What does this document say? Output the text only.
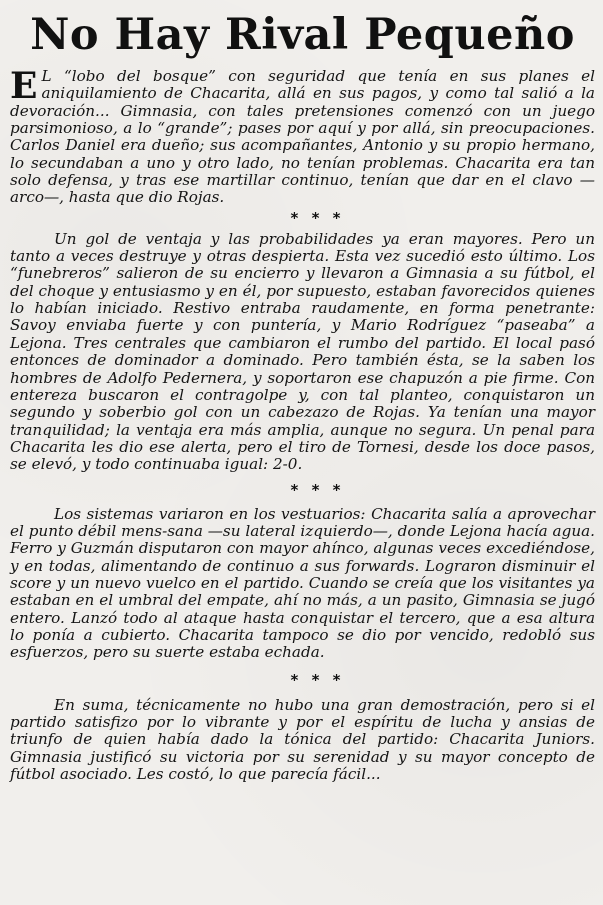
No Hay Rival Pequeño

E L “lobo del bosque” con seguridad que tenía en sus planes el aniquilamiento de Chacarita, allá en sus pagos, y como tal salió a la devoración... Gimnasia, con tales pretensiones comenzó con un juego parsimonioso, a lo “grande”; pases por aquí y por allá, sin preocupaciones. Carlos Daniel era dueño; sus acompañantes, Antonio y su propio hermano, lo secundaban a uno y otro lado, no tenían problemas. Chacarita era tan solo defensa, y tras ese martillar continuo, tenían que dar en el clavo —arco—, hasta que dio Rojas.

* * *

Un gol de ventaja y las probabilidades ya eran mayores. Pero un tanto a veces destruye y otras despierta. Esta vez sucedió esto último. Los “funebreros” salieron de su encierro y llevaron a Gimnasia a su fútbol, el del choque y entusiasmo y en él, por supuesto, estaban favorecidos quienes lo habían iniciado. Restivo entraba raudamente, en forma penetrante: Savoy enviaba fuerte y con puntería, y Mario Rodríguez “paseaba” a Lejona. Tres centrales que cambiaron el rumbo del partido. El local pasó entonces de dominador a dominado. Pero también ésta, se la saben los hombres de Adolfo Pedernera, y soportaron ese chapuzón a pie firme. Con entereza buscaron el contragolpe y, con tal planteo, conquistaron un segundo y soberbio gol con un cabezazo de Rojas. Ya tenían una mayor tranquilidad; la ventaja era más amplia, aunque no segura. Un penal para Chacarita les dio ese alerta, pero el tiro de Tornesi, desde los doce pasos, se elevó, y todo continuaba igual: 2-0.

* * *

Los sistemas variaron en los vestuarios: Chacarita salía a aprovechar el punto débil mens-sana —su lateral izquierdo—, donde Lejona hacía agua. Ferro y Guzmán disputaron con mayor ahínco, algunas veces excediéndose, y en todas, alimentando de continuo a sus forwards. Lograron disminuir el score y un nuevo vuelco en el partido. Cuando se creía que los visitantes ya estaban en el umbral del empate, ahí no más, a un pasito, Gimnasia se jugó entero. Lanzó todo al ataque hasta conquistar el tercero, que a esa altura lo ponía a cubierto. Chacarita tampoco se dio por vencido, redobló sus esfuerzos, pero su suerte estaba echada.

* * *

En suma, técnicamente no hubo una gran demostración, pero si el partido satisfizo por lo vibrante y por el espíritu de lucha y ansias de triunfo de quien había dado la tónica del partido: Chacarita Juniors. Gimnasia justificó su victoria por su serenidad y su mayor concepto de fútbol asociado. Les costó, lo que parecía fácil...
